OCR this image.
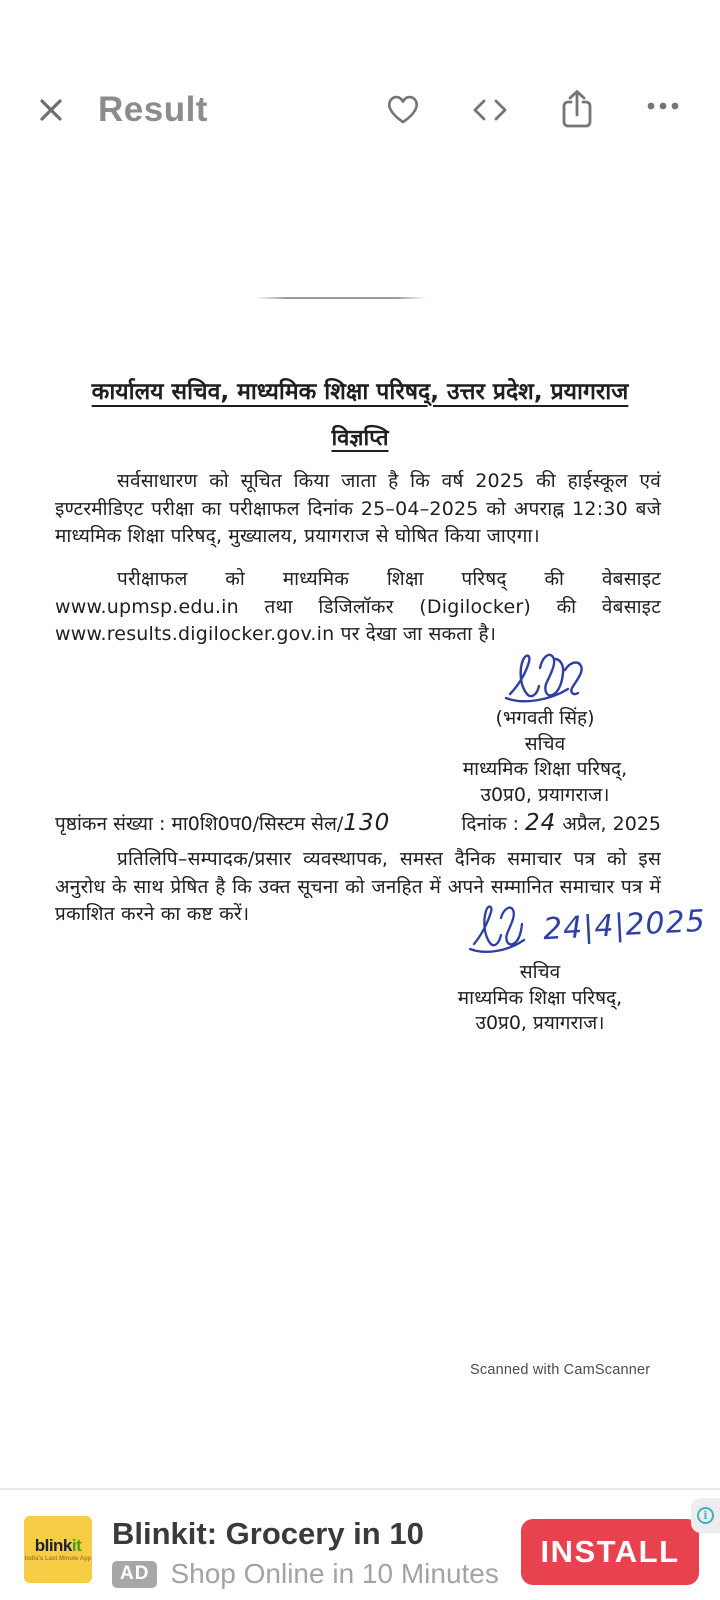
Result
कार्यालय सचिव, माध्यमिक शिक्षा परिषद्, उत्तर प्रदेश, प्रयागराज
विज्ञप्ति

सर्वसाधारण को सूचित किया जाता है कि वर्ष 2025 की हाईस्कूल एवं इण्टरमीडिएट परीक्षा का परीक्षाफल दिनांक 25–04–2025 को अपराह्न 12:30 बजे माध्यमिक शिक्षा परिषद्, मुख्यालय, प्रयागराज से घोषित किया जाएगा।

परीक्षाफल को माध्यमिक शिक्षा परिषद् की वेबसाइट www.upmsp.edu.in तथा डिजिलॉकर (Digilocker) की वेबसाइट www.results.digilocker.gov.in पर देखा जा सकता है।

(भगवती सिंह)
सचिव
माध्यमिक शिक्षा परिषद्,
उ0प्र0, प्रयागराज।
पृष्ठांकन संख्या : मा0शि0प0/सिस्टम सेल/130	दिनांक : 24 अप्रैल, 2025

प्रतिलिपि–सम्पादक/प्रसार व्यवस्थापक, समस्त दैनिक समाचार पत्र को इस अनुरोध के साथ प्रेषित है कि उक्त सूचना को जनहित में अपने सम्मानित समाचार पत्र में प्रकाशित करने का कष्ट करें।	24|4|2025
सचिव
माध्यमिक शिक्षा परिषद्,
उ0प्र0, प्रयागराज।
Scanned with CamScanner
blinkit
India's Last Minute App
Blinkit: Grocery in 10
AD Shop Online in 10 Minutes
INSTALL
i
